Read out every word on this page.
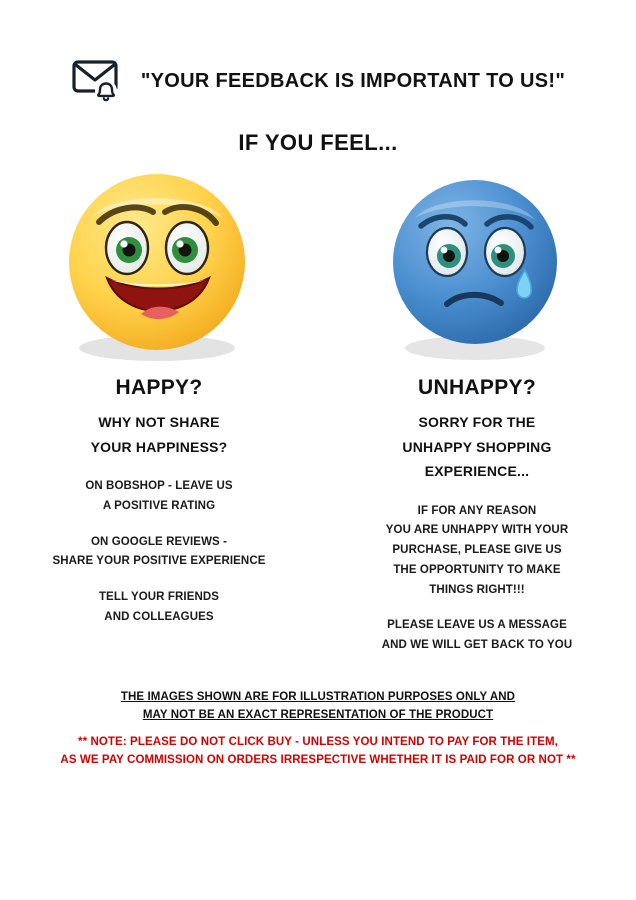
"YOUR FEEDBACK IS IMPORTANT TO US!"
IF YOU FEEL...
HAPPY?
WHY NOT SHARE
YOUR HAPPINESS?
ON BOBSHOP - LEAVE US
A POSITIVE RATING
ON GOOGLE REVIEWS -
SHARE YOUR POSITIVE EXPERIENCE
TELL YOUR FRIENDS
AND COLLEAGUES
UNHAPPY?
SORRY FOR THE
UNHAPPY SHOPPING
EXPERIENCE...
IF FOR ANY REASON
YOU ARE UNHAPPY WITH YOUR
PURCHASE, PLEASE GIVE US
THE OPPORTUNITY TO MAKE
THINGS RIGHT!!!
PLEASE LEAVE US A MESSAGE
AND WE WILL GET BACK TO YOU
THE IMAGES SHOWN ARE FOR ILLUSTRATION PURPOSES ONLY AND
MAY NOT BE AN EXACT REPRESENTATION OF THE PRODUCT
** NOTE: PLEASE DO NOT CLICK BUY - UNLESS YOU INTEND TO PAY FOR THE ITEM,
AS WE PAY COMMISSION ON ORDERS IRRESPECTIVE WHETHER IT IS PAID FOR OR NOT **
